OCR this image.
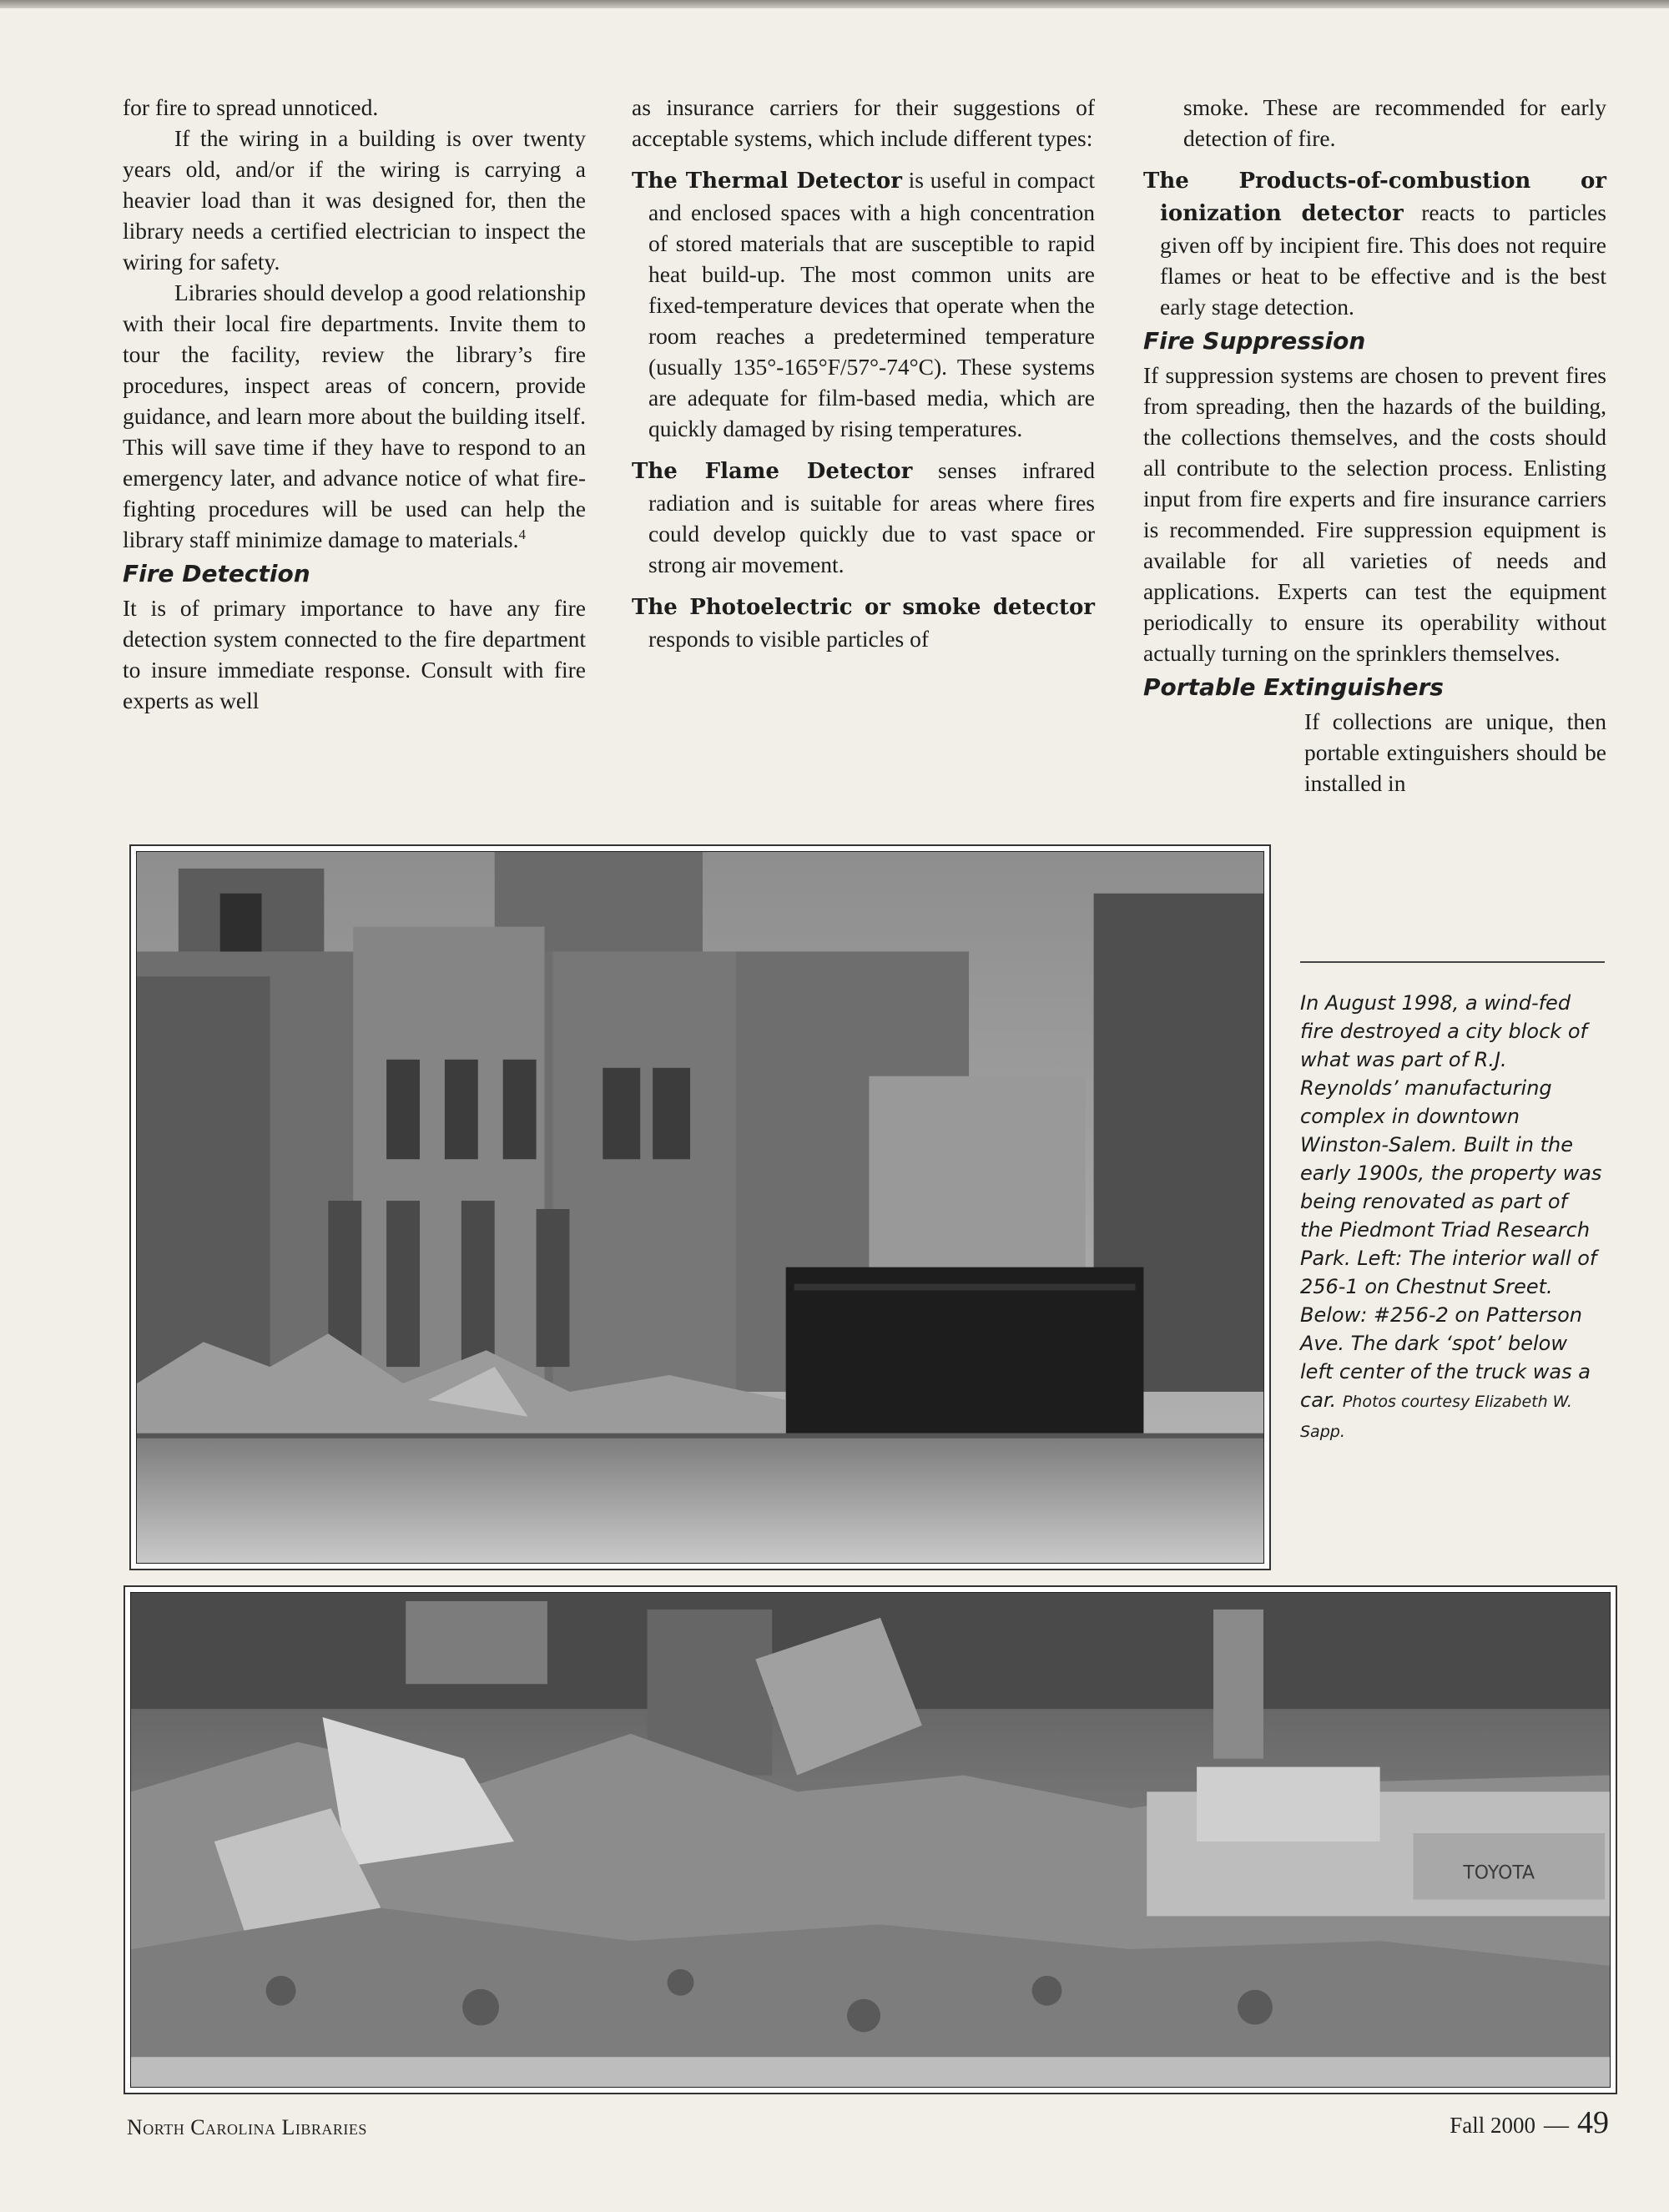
for fire to spread unnoticed.

If the wiring in a building is over twenty years old, and/or if the wiring is carrying a heavier load than it was designed for, then the library needs a certified electrician to inspect the wiring for safety.

Libraries should develop a good relationship with their local fire departments. Invite them to tour the facility, review the library’s fire procedures, inspect areas of concern, provide guidance, and learn more about the building itself. This will save time if they have to respond to an emergency later, and advance notice of what fire-fighting procedures will be used can help the library staff minimize damage to materials.$^4$

Fire Detection

It is of primary importance to have any fire detection system connected to the fire department to insure immediate response. Consult with fire experts as well

as insurance carriers for their suggestions of acceptable systems, which include different types:

The Thermal Detector is useful in compact and enclosed spaces with a high concentration of stored materials that are susceptible to rapid heat build-up. The most common units are fixed-temperature devices that operate when the room reaches a predetermined temperature (usually 135°-165°F/57°-74°C). These systems are adequate for film-based media, which are quickly damaged by rising temperatures.

The Flame Detector senses infrared radiation and is suitable for areas where fires could develop quickly due to vast space or strong air movement.

The Photoelectric or smoke detector responds to visible particles of

smoke. These are recommended for early detection of fire.

The Products-of-combustion or ionization detector reacts to particles given off by incipient fire. This does not require flames or heat to be effective and is the best early stage detection.

Fire Suppression

If suppression systems are chosen to prevent fires from spreading, then the hazards of the building, the collections themselves, and the costs should all contribute to the selection process. Enlisting input from fire experts and fire insurance carriers is recommended. Fire suppression equipment is available for all varieties of needs and applications. Experts can test the equipment periodically to ensure its operability without actually turning on the sprinklers themselves.

Portable Extinguishers

If collections are unique, then portable extinguishers should be installed in

In August 1998, a wind-fed fire destroyed a city block of what was part of R.J. Reynolds’ manufacturing complex in downtown Winston-Salem. Built in the early 1900s, the property was being renovated as part of the Piedmont Triad Research Park. Left: The interior wall of 256-1 on Chestnut Sreet. Below: #256-2 on Patterson Ave. The dark ‘spot’ below left center of the truck was a car. Photos courtesy Elizabeth W. Sapp.
TOYOTA
North Carolina Libraries	Fall 2000 — 49
